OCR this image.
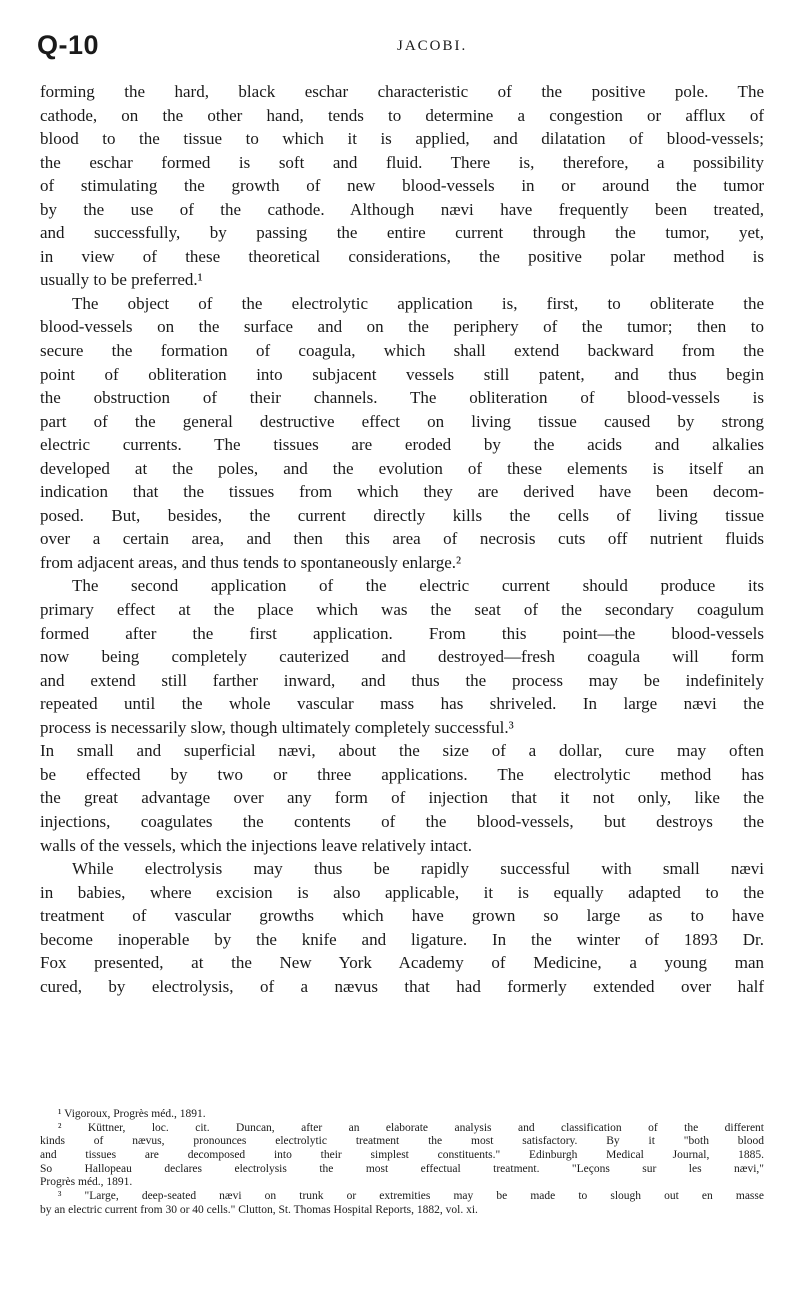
Q-10	JACOBI.
forming the hard, black eschar characteristic of the positive pole. The
cathode, on the other hand, tends to determine a congestion or afflux of
blood to the tissue to which it is applied, and dilatation of blood-vessels;
the eschar formed is soft and fluid. There is, therefore, a possibility
of stimulating the growth of new blood-vessels in or around the tumor
by the use of the cathode. Although nævi have frequently been treated,
and successfully, by passing the entire current through the tumor, yet,
in view of these theoretical considerations, the positive polar method is
usually to be preferred.¹
The object of the electrolytic application is, first, to obliterate the
blood-vessels on the surface and on the periphery of the tumor; then to
secure the formation of coagula, which shall extend backward from the
point of obliteration into subjacent vessels still patent, and thus begin
the obstruction of their channels. The obliteration of blood-vessels is
part of the general destructive effect on living tissue caused by strong
electric currents. The tissues are eroded by the acids and alkalies
developed at the poles, and the evolution of these elements is itself an
indication that the tissues from which they are derived have been decom-
posed. But, besides, the current directly kills the cells of living tissue
over a certain area, and then this area of necrosis cuts off nutrient fluids
from adjacent areas, and thus tends to spontaneously enlarge.²
The second application of the electric current should produce its
primary effect at the place which was the seat of the secondary coagulum
formed after the first application. From this point—the blood-vessels
now being completely cauterized and destroyed—fresh coagula will form
and extend still farther inward, and thus the process may be indefinitely
repeated until the whole vascular mass has shriveled. In large nævi the
process is necessarily slow, though ultimately completely successful.³
In small and superficial nævi, about the size of a dollar, cure may often
be effected by two or three applications. The electrolytic method has
the great advantage over any form of injection that it not only, like the
injections, coagulates the contents of the blood-vessels, but destroys the
walls of the vessels, which the injections leave relatively intact.
While electrolysis may thus be rapidly successful with small nævi
in babies, where excision is also applicable, it is equally adapted to the
treatment of vascular growths which have grown so large as to have
become inoperable by the knife and ligature. In the winter of 1893 Dr.
Fox presented, at the New York Academy of Medicine, a young man
cured, by electrolysis, of a nævus that had formerly extended over half
¹ Vigoroux, Progrès méd., 1891.
² Küttner, loc. cit. Duncan, after an elaborate analysis and classification of the different
kinds of nævus, pronounces electrolytic treatment the most satisfactory. By it "both blood
and tissues are decomposed into their simplest constituents." Edinburgh Medical Journal, 1885.
So Hallopeau declares electrolysis the most effectual treatment. "Leçons sur les nævi,"
Progrès méd., 1891.
³ "Large, deep-seated nævi on trunk or extremities may be made to slough out en masse
by an electric current from 30 or 40 cells." Clutton, St. Thomas Hospital Reports, 1882, vol. xi.
